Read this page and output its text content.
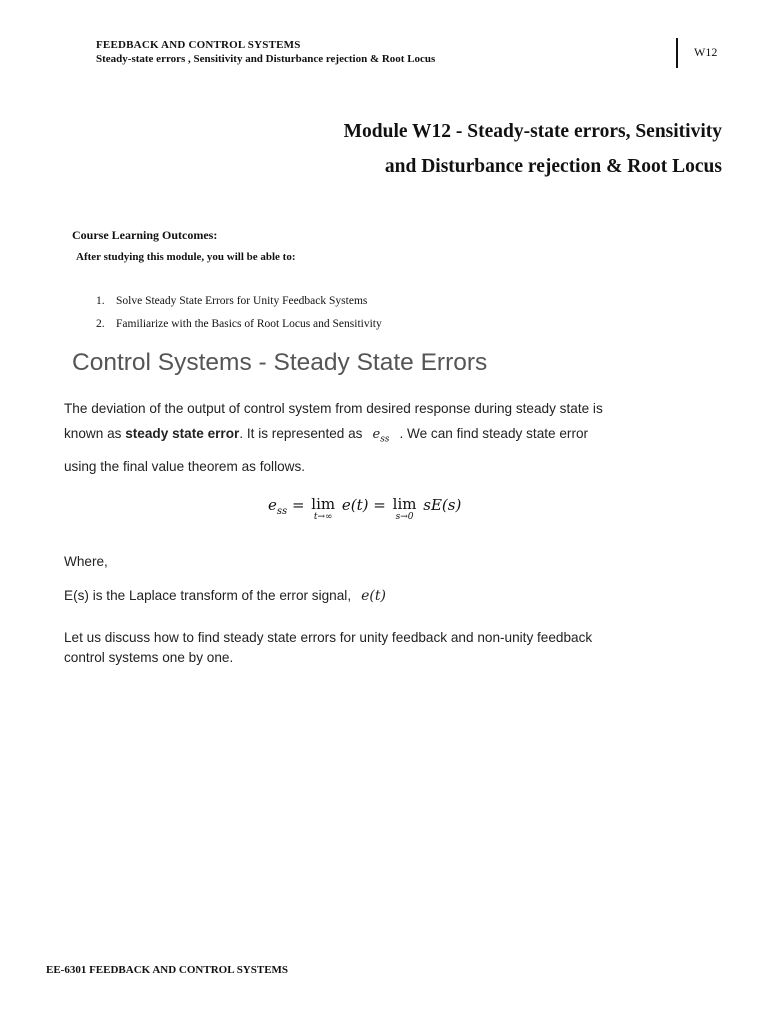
FEEDBACK AND CONTROL SYSTEMS
Steady-state errors , Sensitivity and Disturbance rejection & Root Locus	W12
Module W12 - Steady-state errors, Sensitivity
and Disturbance rejection & Root Locus
Course Learning Outcomes:
After studying this module, you will be able to:
1. Solve Steady State Errors for Unity Feedback Systems
2. Familiarize with the Basics of Root Locus and Sensitivity
Control Systems - Steady State Errors
The deviation of the output of control system from desired response during steady state is
known as steady state error. It is represented as $e_{ss}$ . We can find steady state error
using the final value theorem as follows.
$e_{ss} = \lim$
t→∞
e(t) = lim
s→0
sE(s)
Where,
E(s) is the Laplace transform of the error signal, e(t)
Let us discuss how to find steady state errors for unity feedback and non-unity feedback
control systems one by one.
EE-6301 FEEDBACK AND CONTROL SYSTEMS
